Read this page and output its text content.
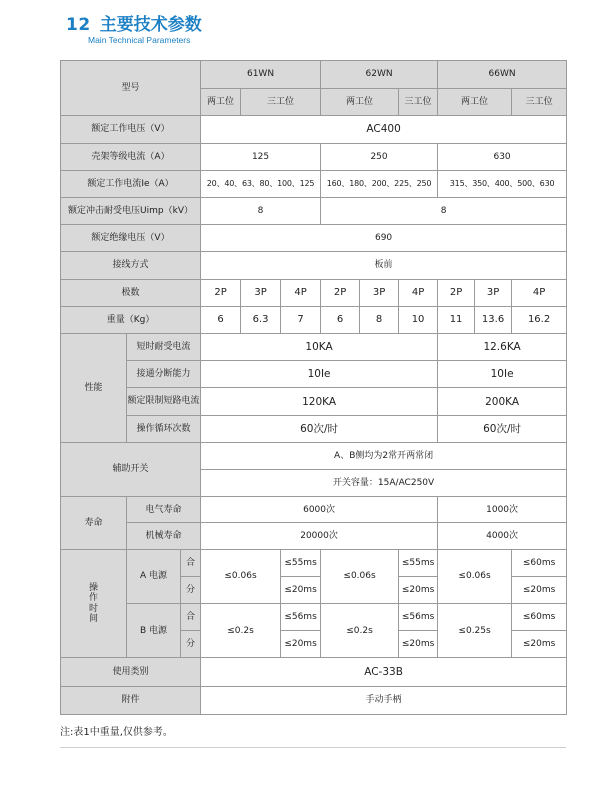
12 主要技术参数
Main Technical Parameters
型号			61WN			62WN			66WN		
			两工位	三工位		两工位		三工位	两工位		三工位
额定工作电压（V）			AC400								
壳架等级电流（A）			125			250			630		
额定工作电流Ie（A）			20、40、63、80、100、125			160、180、200、225、250			315、350、400、500、630		
额定冲击耐受电压Uimp（kV）			8			8					
额定绝缘电压（V）			690								
接线方式			板前								
极数			2P	3P	4P	2P	3P	4P	2P	3P	4P
重量（Kg）			6	6.3	7	6	8	10	11	13.6	16.2
性能	短时耐受电流		10KA						12.6KA		
	接通分断能力		10Ie						10Ie		
	额定限制短路电流		120KA						200KA		
	操作循环次数		60次/时						60次/时		
辅助开关			A、B侧均为2常开两常闭								
			开关容量：15A/AC250V								
寿命	电气寿命		6000次						1000次		
	机械寿命		20000次						4000次		
操
作
时
间	A 电源	合	≤0.06s		≤55ms	≤0.06s		≤55ms	≤0.06s		≤60ms
		分			≤20ms			≤20ms			≤20ms
	B 电源	合	≤0.2s		≤56ms	≤0.2s		≤56ms	≤0.25s		≤60ms
		分			≤20ms			≤20ms			≤20ms
使用类别			AC-33B								
附件			手动手柄								
注:表1中重量,仅供参考。
